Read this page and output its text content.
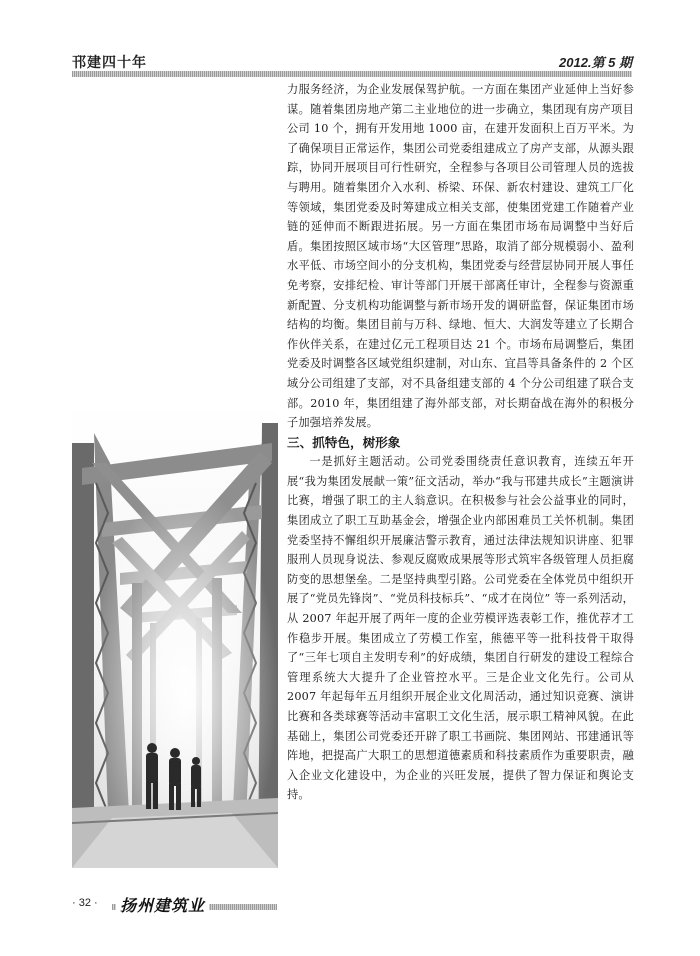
邗建四十年	2012.第 5 期

力服务经济，为企业发展保驾护航。一方面在集团产业延伸上当好参谋。随着集团房地产第二主业地位的进一步确立，集团现有房产项目公司 10 个，拥有开发用地 1000 亩，在建开发面积上百万平米。为了确保项目正常运作，集团公司党委组建成立了房产支部，从源头跟踪，协同开展项目可行性研究，全程参与各项目公司管理人员的选拔与聘用。随着集团介入水利、桥梁、环保、新农村建设、建筑工厂化等领域，集团党委及时筹建成立相关支部，使集团党建工作随着产业链的延伸而不断跟进拓展。另一方面在集团市场布局调整中当好后盾。集团按照区域市场“大区管理”思路，取消了部分规模弱小、盈利水平低、市场空间小的分支机构，集团党委与经营层协同开展人事任免考察，安排纪检、审计等部门开展干部离任审计，全程参与资源重新配置、分支机构功能调整与新市场开发的调研监督，保证集团市场结构的均衡。集团目前与万科、绿地、恒大、大润发等建立了长期合作伙伴关系，在建过亿元工程项目达 21 个。市场布局调整后，集团党委及时调整各区域党组织建制，对山东、宜昌等具备条件的 2 个区域分公司组建了支部，对不具备组建支部的 4 个分公司组建了联合支部。2010 年，集团组建了海外部支部，对长期奋战在海外的积极分子加强培养发展。

三、抓特色，树形象

一是抓好主题活动。公司党委围绕责任意识教育，连续五年开展“我为集团发展献一策”征文活动，举办“我与邗建共成长”主题演讲比赛，增强了职工的主人翁意识。在积极参与社会公益事业的同时，集团成立了职工互助基金会，增强企业内部困难员工关怀机制。集团党委坚持不懈组织开展廉洁警示教育，通过法律法规知识讲座、犯罪服刑人员现身说法、参观反腐败成果展等形式筑牢各级管理人员拒腐防变的思想堡垒。二是坚持典型引路。公司党委在全体党员中组织开展了“党员先锋岗”、“党员科技标兵”、“成才在岗位” 等一系列活动，从 2007 年起开展了两年一度的企业劳模评选表彰工作，推优荐才工作稳步开展。集团成立了劳模工作室，熊德平等一批科技骨干取得了“三年七项自主发明专利”的好成绩，集团自行研发的建设工程综合管理系统大大提升了企业管控水平。三是企业文化先行。公司从 2007 年起每年五月组织开展企业文化周活动，通过知识竞赛、演讲比赛和各类球赛等活动丰富职工文化生活，展示职工精神风貌。在此基础上，集团公司党委还开辟了职工书画院、集团网站、邗建通讯等阵地，把提高广大职工的思想道德素质和科技素质作为重要职责，融入企业文化建设中，为企业的兴旺发展，提供了智力保证和舆论支持。

· 32 · 扬州建筑业
